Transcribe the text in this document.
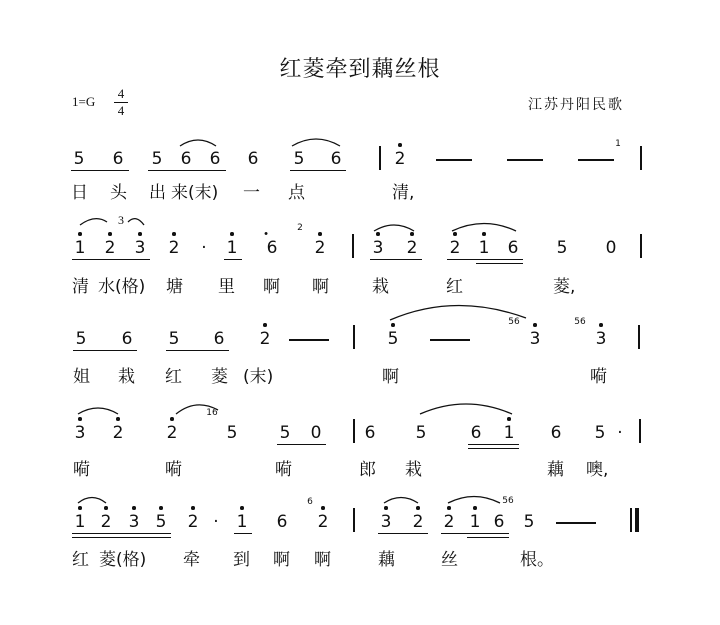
红菱牵到藕丝根
1=G
4
4	江苏丹阳民歌
5 6 5 6 6 6 5 6	2
日 头 出 来(末) 一 点	清,
3
1 2 3 2	·	1 6
2
2	3 2 2 1 6 5 0
清 水(格) 塘 里 啊 啊	栽	红	菱,
5 6 5 6 2	5
56
3
56
3
姐 栽 红 菱 (末)	啊	嗬
3 2	2
16
5 5 0	6 5	6 1 6 5 ·
嗬	嗬	嗬	郎 栽	藕 噢,
1 2 3 5 2 ·	1 6
6
2	3 2 2 1 6 5
红 菱(格) 牵 到 啊 啊	藕	丝	根。
1
56
